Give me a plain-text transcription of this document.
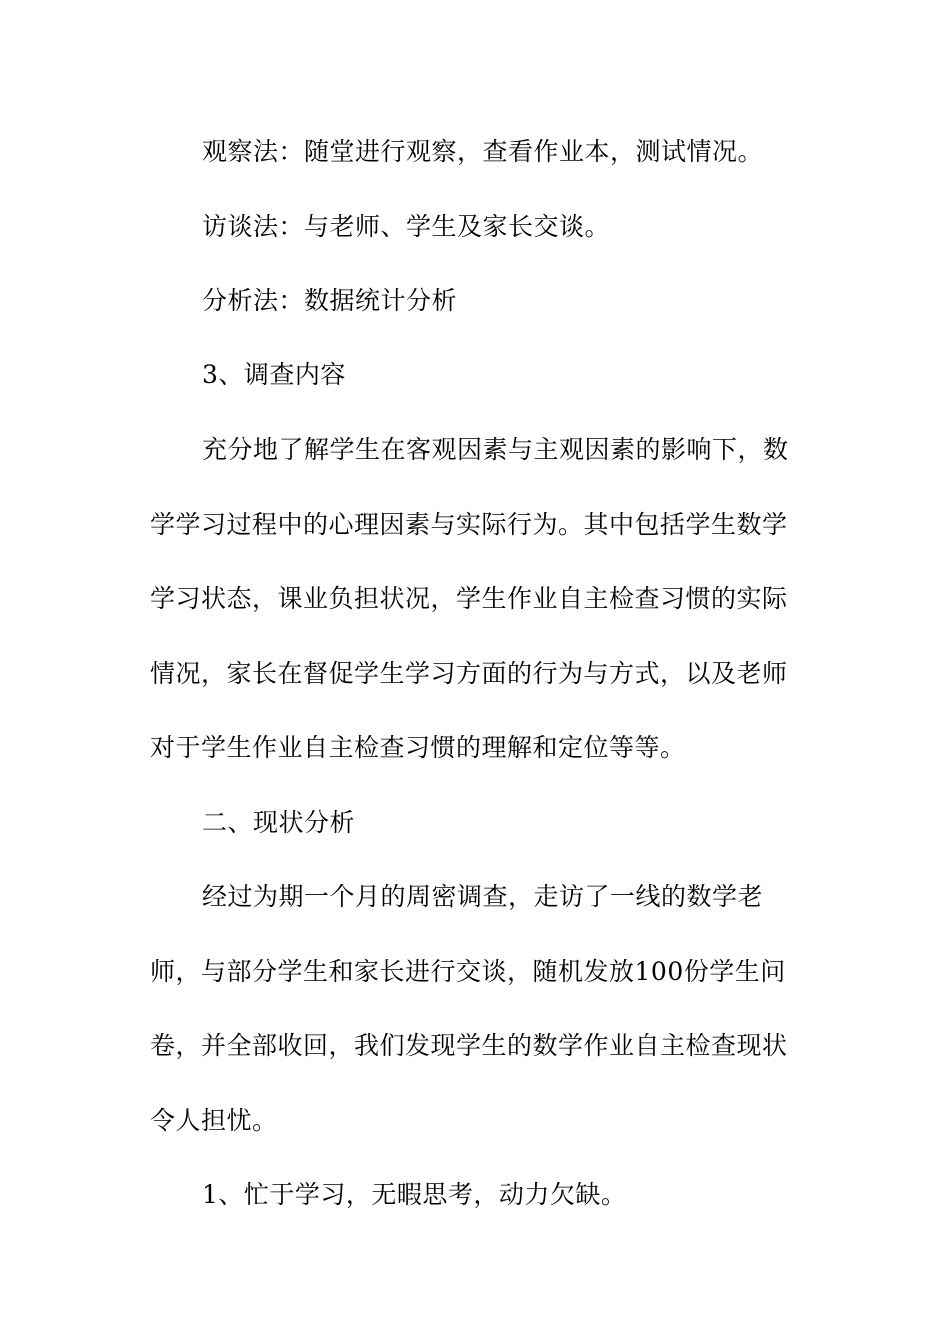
观察法：随堂进行观察，查看作业本，测试情况。
访谈法：与老师、学生及家长交谈。
分析法：数据统计分析
3、调查内容
充分地了解学生在客观因素与主观因素的影响下，数
学学习过程中的心理因素与实际行为。其中包括学生数学
学习状态，课业负担状况，学生作业自主检查习惯的实际
情况，家长在督促学生学习方面的行为与方式，以及老师
对于学生作业自主检查习惯的理解和定位等等。
二、现状分析
经过为期一个月的周密调查，走访了一线的数学老
师，与部分学生和家长进行交谈，随机发放100份学生问
卷，并全部收回，我们发现学生的数学作业自主检查现状
令人担忧。
1、忙于学习，无暇思考，动力欠缺。
